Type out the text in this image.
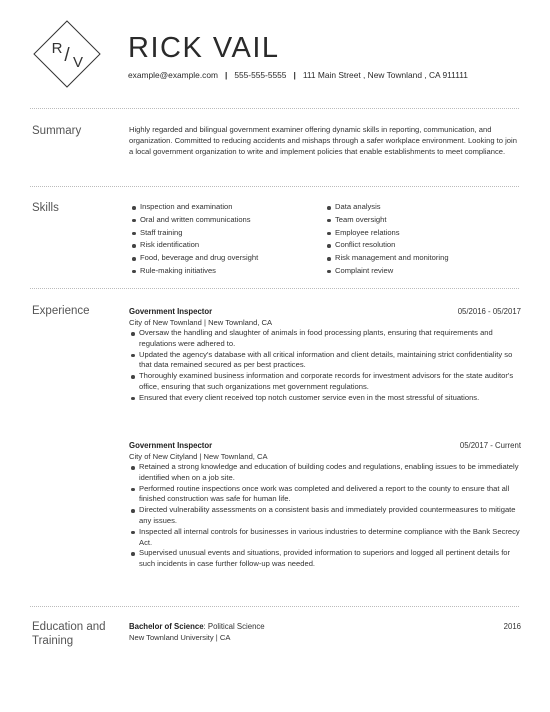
R / V RICK VAIL
example@example.com | 555-555-5555 | 111 Main Street , New Townland , CA 911111
Summary	Highly regarded and bilingual government examiner offering dynamic skills in reporting, communication, and organization. Committed to reducing accidents and mishaps through a safer workplace environment. Looking to join a local government organization to write and implement policies that enable establishments to meet compliance.
Skills	Inspection and examination
Oral and written communications
Staff training
Risk identification
Food, beverage and drug oversight
Rule-making initiatives
Data analysis
Team oversight
Employee relations
Conflict resolution
Risk management and monitoring
Complaint review
Experience	Government Inspector	05/2016 - 05/2017
City of New Townland | New Townland, CA
Oversaw the handling and slaughter of animals in food processing plants, ensuring that requirements and regulations were adhered to.
Updated the agency's database with all critical information and client details, maintaining strict confidentiality so that data remained secured as per best practices.
Thoroughly examined business information and corporate records for investment advisors for the state auditor's office, ensuring that such organizations met government regulations.
Ensured that every client received top notch customer service even in the most stressful of situations.
Government Inspector	05/2017 - Current
City of New Cityland | New Townland, CA
Retained a strong knowledge and education of building codes and regulations, enabling issues to be immediately identified when on a job site.
Performed routine inspections once work was completed and delivered a report to the county to ensure that all finished construction was safe for human life.
Directed vulnerability assessments on a consistent basis and immediately provided countermeasures to mitigate any issues.
Inspected all internal controls for businesses in various industries to determine compliance with the Bank Secrecy Act.
Supervised unusual events and situations, provided information to superiors and logged all pertinent details for such incidents in case further follow-up was needed.
Education and Training
Bachelor of Science: Political Science	2016
New Townland University | CA
